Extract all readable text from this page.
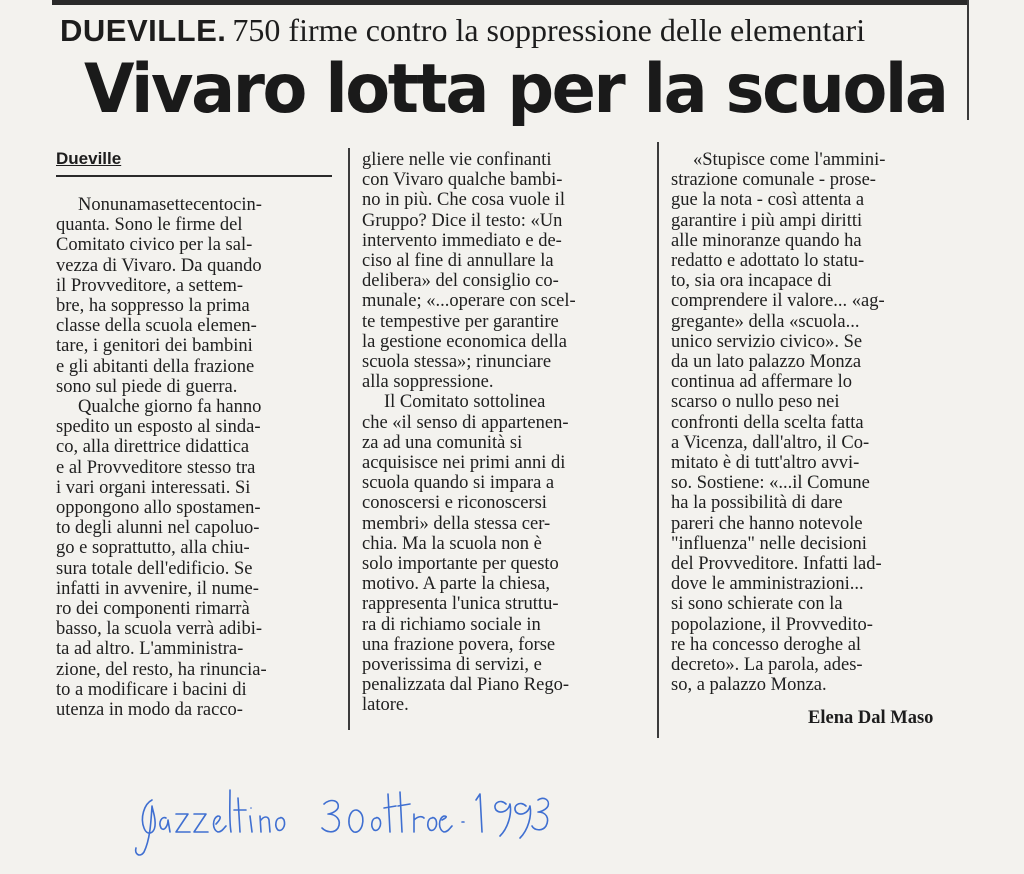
DUEVILLE. 750 firme contro la soppressione delle elementari
Vivaro lotta per la scuola
Dueville
Nonunamasettecentocin-
quanta. Sono le firme del
Comitato civico per la sal-
vezza di Vivaro. Da quando
il Provveditore, a settem-
bre, ha soppresso la prima
classe della scuola elemen-
tare, i genitori dei bambini
e gli abitanti della frazione
sono sul piede di guerra.
Qualche giorno fa hanno
spedito un esposto al sinda-
co, alla direttrice didattica
e al Provveditore stesso tra
i vari organi interessati. Si
oppongono allo spostamen-
to degli alunni nel capoluo-
go e soprattutto, alla chiu-
sura totale dell'edificio. Se
infatti in avvenire, il nume-
ro dei componenti rimarrà
basso, la scuola verrà adibi-
ta ad altro. L'amministra-
zione, del resto, ha rinuncia-
to a modificare i bacini di
utenza in modo da racco-
gliere nelle vie confinanti
con Vivaro qualche bambi-
no in più. Che cosa vuole il
Gruppo? Dice il testo: «Un
intervento immediato e de-
ciso al fine di annullare la
delibera» del consiglio co-
munale; «...operare con scel-
te tempestive per garantire
la gestione economica della
scuola stessa»; rinunciare
alla soppressione.
Il Comitato sottolinea
che «il senso di appartenen-
za ad una comunità si
acquisisce nei primi anni di
scuola quando si impara a
conoscersi e riconoscersi
membri» della stessa cer-
chia. Ma la scuola non è
solo importante per questo
motivo. A parte la chiesa,
rappresenta l'unica struttu-
ra di richiamo sociale in
una frazione povera, forse
poverissima di servizi, e
penalizzata dal Piano Rego-
latore.
«Stupisce come l'ammini-
strazione comunale - prose-
gue la nota - così attenta a
garantire i più ampi diritti
alle minoranze quando ha
redatto e adottato lo statu-
to, sia ora incapace di
comprendere il valore... «ag-
gregante» della «scuola...
unico servizio civico». Se
da un lato palazzo Monza
continua ad affermare lo
scarso o nullo peso nei
confronti della scelta fatta
a Vicenza, dall'altro, il Co-
mitato è di tutt'altro avvi-
so. Sostiene: «...il Comune
ha la possibilità di dare
pareri che hanno notevole
"influenza" nelle decisioni
del Provveditore. Infatti lad-
dove le amministrazioni...
si sono schierate con la
popolazione, il Provvedito-
re ha concesso deroghe al
decreto». La parola, ades-
so, a palazzo Monza.
Elena Dal Maso
